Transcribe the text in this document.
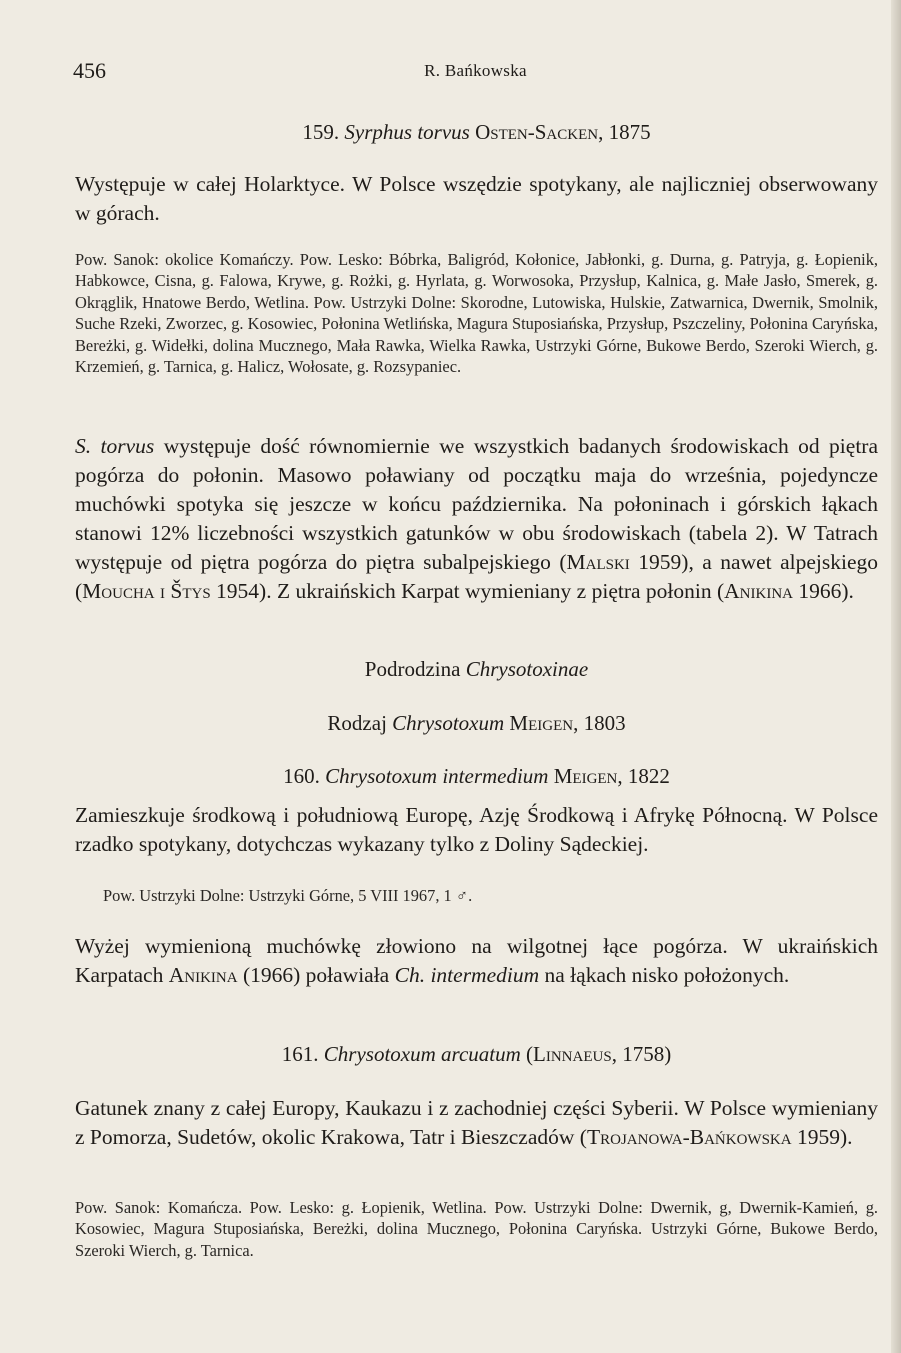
456	R. Bańkowska
159. Syrphus torvus Osten-Sacken, 1875
Występuje w całej Holarktyce. W Polsce wszędzie spotykany, ale najliczniej obserwowany w górach.
Pow. Sanok: okolice Komańczy. Pow. Lesko: Bóbrka, Baligród, Kołonice, Jabłonki, g. Durna, g. Patryja, g. Łopienik, Habkowce, Cisna, g. Falowa, Krywe, g. Rożki, g. Hyrlata, g. Worwosoka, Przysłup, Kalnica, g. Małe Jasło, Smerek, g. Okrąglik, Hnatowe Berdo, Wetlina. Pow. Ustrzyki Dolne: Skorodne, Lutowiska, Hulskie, Zatwarnica, Dwernik, Smolnik, Suche Rzeki, Zworzec, g. Kosowiec, Połonina Wetlińska, Magura Stuposiańska, Przysłup, Pszczeliny, Połonina Caryńska, Bereżki, g. Widełki, dolina Mucznego, Mała Rawka, Wielka Rawka, Ustrzyki Górne, Bukowe Berdo, Szeroki Wierch, g. Krzemień, g. Tarnica, g. Halicz, Wołosate, g. Rozsypaniec.
S. torvus występuje dość równomiernie we wszystkich badanych środowiskach od piętra pogórza do połonin. Masowo poławiany od początku maja do września, pojedyncze muchówki spotyka się jeszcze w końcu października. Na połoninach i górskich łąkach stanowi 12% liczebności wszystkich gatunków w obu środowiskach (tabela 2). W Tatrach występuje od piętra pogórza do piętra subalpejskiego (Malski 1959), a nawet alpejskiego (Moucha i Štys 1954). Z ukraińskich Karpat wymieniany z piętra połonin (Anikina 1966).
Podrodzina Chrysotoxinae
Rodzaj Chrysotoxum Meigen, 1803
160. Chrysotoxum intermedium Meigen, 1822
Zamieszkuje środkową i południową Europę, Azję Środkową i Afrykę Północną. W Polsce rzadko spotykany, dotychczas wykazany tylko z Doliny Sądeckiej.
Pow. Ustrzyki Dolne: Ustrzyki Górne, 5 VIII 1967, 1 ♂.
Wyżej wymienioną muchówkę złowiono na wilgotnej łące pogórza. W ukraińskich Karpatach Anikina (1966) poławiała Ch. intermedium na łąkach nisko położonych.
161. Chrysotoxum arcuatum (Linnaeus, 1758)
Gatunek znany z całej Europy, Kaukazu i z zachodniej części Syberii. W Polsce wymieniany z Pomorza, Sudetów, okolic Krakowa, Tatr i Bieszczadów (Trojanowa-Bańkowska 1959).
Pow. Sanok: Komańcza. Pow. Lesko: g. Łopienik, Wetlina. Pow. Ustrzyki Dolne: Dwernik, g, Dwernik-Kamień, g. Kosowiec, Magura Stuposiańska, Bereżki, dolina Mucznego, Połonina Caryńska. Ustrzyki Górne, Bukowe Berdo, Szeroki Wierch, g. Tarnica.
